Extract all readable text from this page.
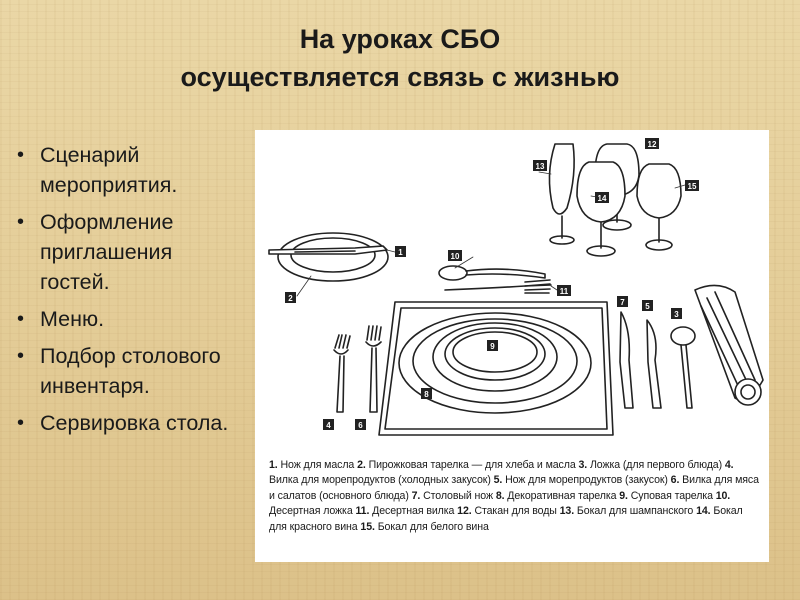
На уроках СБО
осуществляется связь с жизнью
• Сценарий мероприятия.
• Оформление приглашения гостей.
• Меню.
• Подбор столового инвентаря.
• Сервировка стола.
1
2
3
4
5
6
7
8
9
10
11
12
13
14
15
1. Нож для масла 2. Пирожковая тарелка — для хлеба и масла 3. Ложка (для первого блюда) 4. Вилка для морепродуктов (холодных закусок) 5. Нож для морепродуктов (закусок) 6. Вилка для мяса и салатов (основного блюда) 7. Столовый нож 8. Декоративная тарелка 9. Суповая тарелка 10. Десертная ложка 11. Десертная вилка 12. Стакан для воды 13. Бокал для шампанского 14. Бокал для красного вина 15. Бокал для белого вина
